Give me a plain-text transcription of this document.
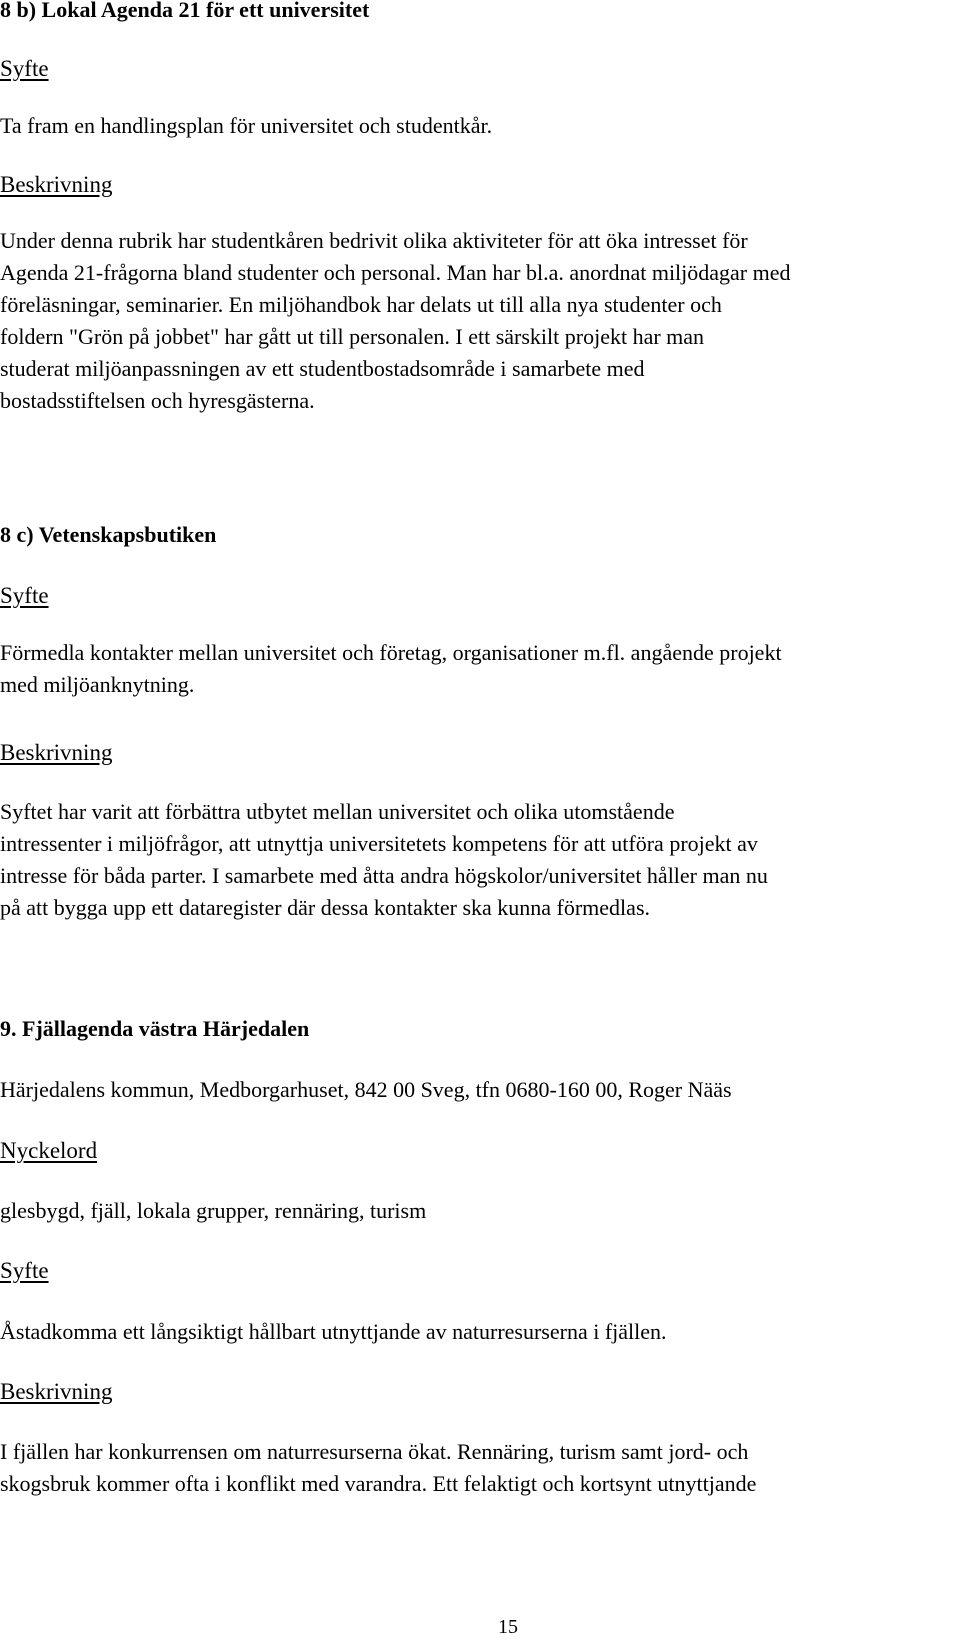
8 b) Lokal Agenda 21 för ett universitet
Syfte
Ta fram en handlingsplan för universitet och studentkår.
Beskrivning
Under denna rubrik har studentkåren bedrivit olika aktiviteter för att öka intresset för
Agenda 21-frågorna bland studenter och personal. Man har bl.a. anordnat miljödagar med
föreläsningar, seminarier. En miljöhandbok har delats ut till alla nya studenter och
foldern "Grön på jobbet" har gått ut till personalen. I ett särskilt projekt har man
studerat miljöanpassningen av ett studentbostadsområde i samarbete med
bostadsstiftelsen och hyresgästerna.
8 c) Vetenskapsbutiken
Syfte
Förmedla kontakter mellan universitet och företag, organisationer m.fl. angående projekt
med miljöanknytning.
Beskrivning
Syftet har varit att förbättra utbytet mellan universitet och olika utomstående
intressenter i miljöfrågor, att utnyttja universitetets kompetens för att utföra projekt av
intresse för båda parter. I samarbete med åtta andra högskolor/universitet håller man nu
på att bygga upp ett dataregister där dessa kontakter ska kunna förmedlas.
9. Fjällagenda västra Härjedalen
Härjedalens kommun, Medborgarhuset, 842 00 Sveg, tfn 0680-160 00, Roger Nääs
Nyckelord
glesbygd, fjäll, lokala grupper, rennäring, turism
Syfte
Åstadkomma ett långsiktigt hållbart utnyttjande av naturresurserna i fjällen.
Beskrivning
I fjällen har konkurrensen om naturresurserna ökat. Rennäring, turism samt jord- och
skogsbruk kommer ofta i konflikt med varandra. Ett felaktigt och kortsynt utnyttjande
15
